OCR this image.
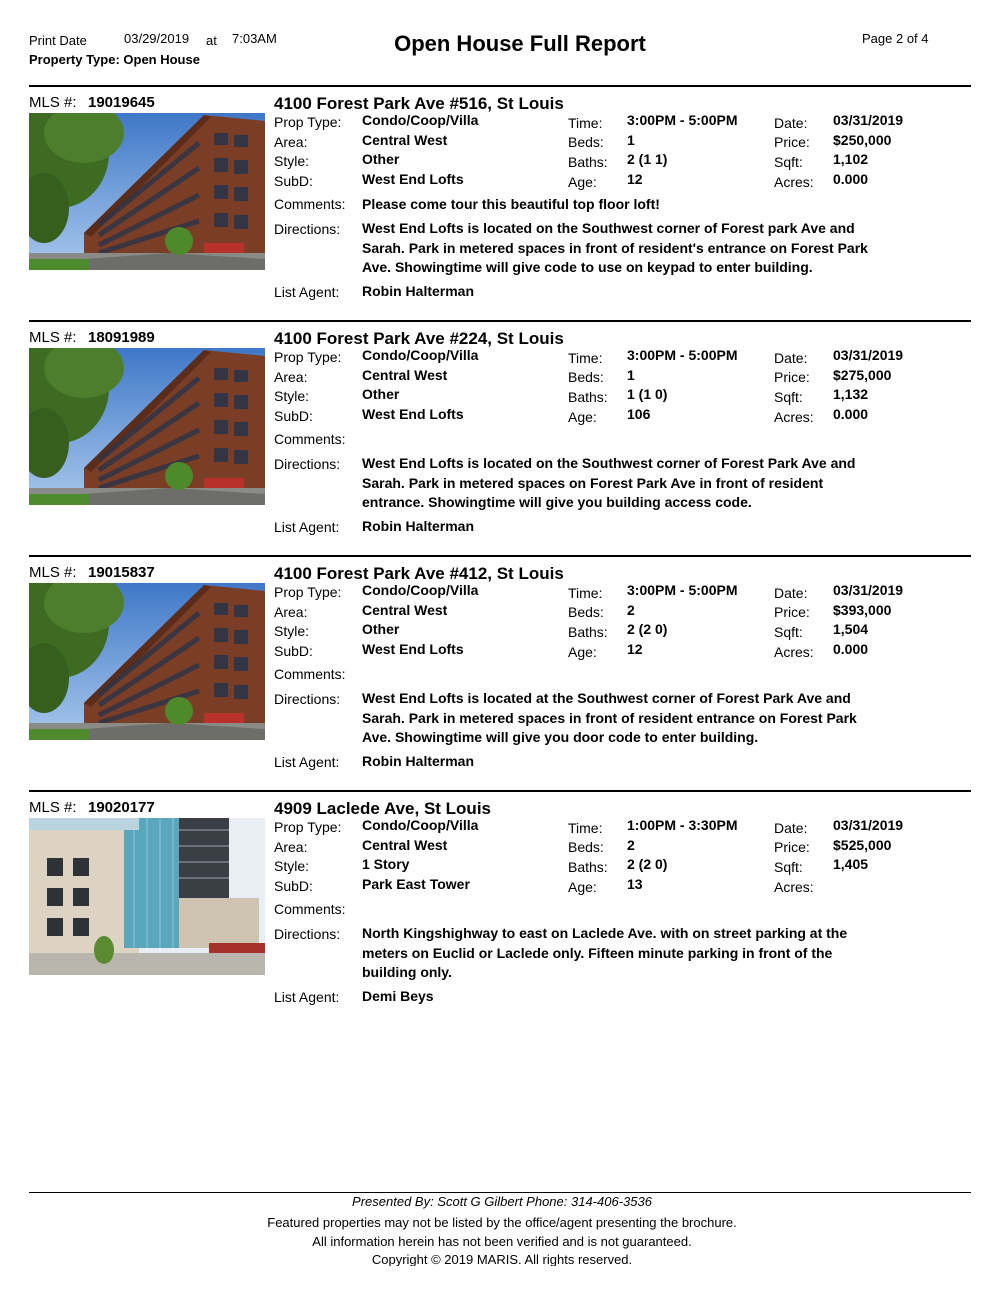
Print Date	03/29/2019 at 7:03AM	Open House Full Report	Page 2 of 4
Property Type: Open House
MLS #: 19019645	4100 Forest Park Ave #516, St Louis
Prop Type: Condo/Coop/Villa	Time: 3:00PM - 5:00PM	Date: 03/31/2019
Area:	Central West	Beds: 1	Price: $250,000
Style:	Other	Baths: 2 (1 1)	Sqft: 1,102
SubD:	West End Lofts	Age: 12	Acres: 0.000
Comments: Please come tour this beautiful top floor loft!
Directions: West End Lofts is located on the Southwest corner of Forest park Ave and
Sarah. Park in metered spaces in front of resident's entrance on Forest Park
Ave. Showingtime will give code to use on keypad to enter building.
List Agent: Robin Halterman
MLS #: 18091989	4100 Forest Park Ave #224, St Louis
Prop Type: Condo/Coop/Villa	Time: 3:00PM - 5:00PM	Date: 03/31/2019
Area:	Central West	Beds: 1	Price: $275,000
Style:	Other	Baths: 1 (1 0)	Sqft: 1,132
SubD:	West End Lofts	Age: 106	Acres: 0.000
Comments:
Directions: West End Lofts is located on the Southwest corner of Forest Park Ave and
Sarah. Park in metered spaces on Forest Park Ave in front of resident
entrance. Showingtime will give you building access code.
List Agent: Robin Halterman
MLS #: 19015837	4100 Forest Park Ave #412, St Louis
Prop Type: Condo/Coop/Villa	Time: 3:00PM - 5:00PM	Date: 03/31/2019
Area:	Central West	Beds: 2	Price: $393,000
Style:	Other	Baths: 2 (2 0)	Sqft: 1,504
SubD:	West End Lofts	Age: 12	Acres: 0.000
Comments:
Directions: West End Lofts is located at the Southwest corner of Forest Park Ave and
Sarah. Park in metered spaces in front of resident entrance on Forest Park
Ave. Showingtime will give you door code to enter building.
List Agent: Robin Halterman
MLS #: 19020177	4909 Laclede Ave, St Louis
Prop Type: Condo/Coop/Villa	Time: 1:00PM - 3:30PM	Date: 03/31/2019
Area:	Central West	Beds: 2	Price: $525,000
Style:	1 Story	Baths: 2 (2 0)	Sqft: 1,405
SubD:	Park East Tower	Age: 13	Acres:
Comments:
Directions: North Kingshighway to east on Laclede Ave. with on street parking at the
meters on Euclid or Laclede only. Fifteen minute parking in front of the
building only.
List Agent: Demi Beys
Presented By: Scott G Gilbert Phone: 314-406-3536
Featured properties may not be listed by the office/agent presenting the brochure.
All information herein has not been verified and is not guaranteed.
Copyright © 2019 MARIS. All rights reserved.
